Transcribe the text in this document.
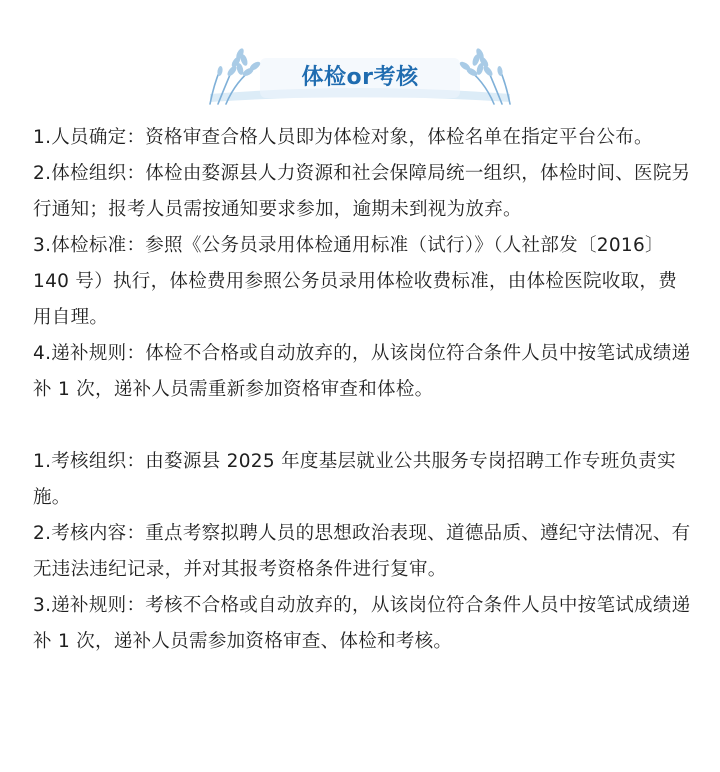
体检or考核

1.人员确定：资格审查合格人员即为体检对象，体检名单在指定平台公布。

2.体检组织：体检由婺源县人力资源和社会保障局统一组织，体检时间、医院另行通知；报考人员需按通知要求参加，逾期未到视为放弃。

3.体检标准：参照《公务员录用体检通用标准（试行）》（人社部发〔2016〕140 号）执行，体检费用参照公务员录用体检收费标准，由体检医院收取，费用自理。

4.递补规则：体检不合格或自动放弃的，从该岗位符合条件人员中按笔试成绩递补 1 次，递补人员需重新参加资格审查和体检。

1.考核组织：由婺源县 2025 年度基层就业公共服务专岗招聘工作专班负责实施。

2.考核内容：重点考察拟聘人员的思想政治表现、道德品质、遵纪守法情况、有无违法违纪记录，并对其报考资格条件进行复审。

3.递补规则：考核不合格或自动放弃的，从该岗位符合条件人员中按笔试成绩递补 1 次，递补人员需参加资格审查、体检和考核。
